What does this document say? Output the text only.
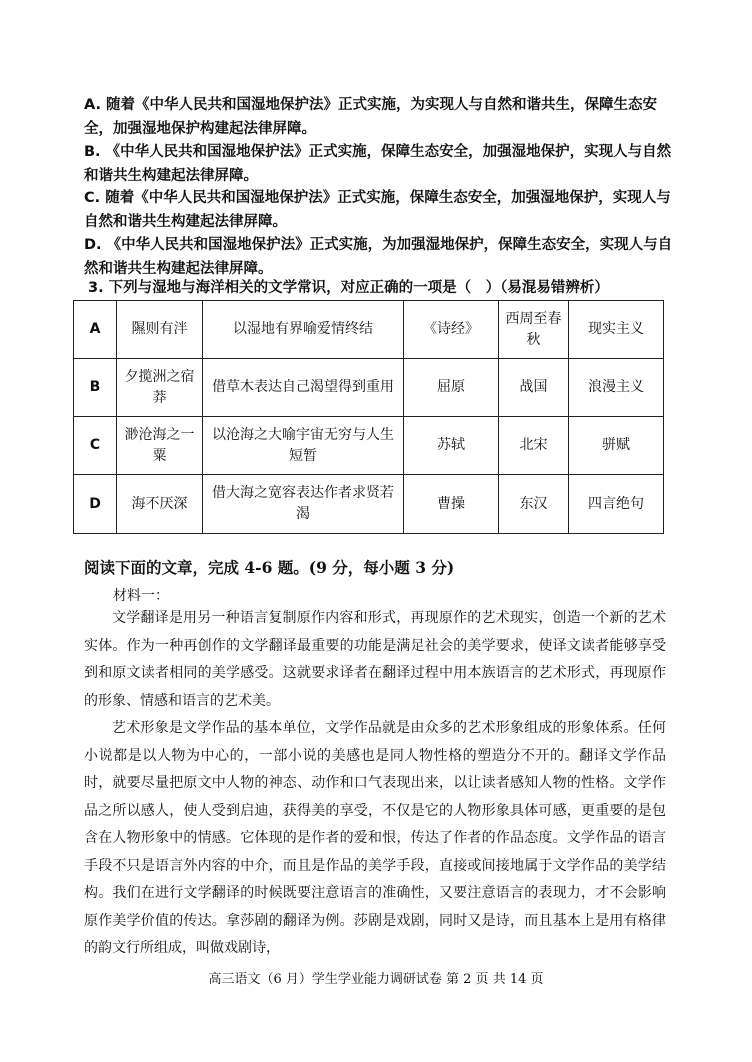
A. 随着《中华人民共和国湿地保护法》正式实施，为实现人与自然和谐共生，保障生态安全，加强湿地保护构建起法律屏障。
B. 《中华人民共和国湿地保护法》正式实施，保障生态安全，加强湿地保护，实现人与自然和谐共生构建起法律屏障。
C. 随着《中华人民共和国湿地保护法》正式实施，保障生态安全，加强湿地保护，实现人与自然和谐共生构建起法律屏障。
D. 《中华人民共和国湿地保护法》正式实施，为加强湿地保护，保障生态安全，实现人与自然和谐共生构建起法律屏障。
3. 下列与湿地与海洋相关的文学常识，对应正确的一项是（　）（易混易错辨析）
A	隰则有泮	以湿地有界喻爱情终结	《诗经》	西周至春秋	现实主义
B	夕揽洲之宿莽	借草木表达自己渴望得到重用	屈原	战国	浪漫主义
C	渺沧海之一粟	以沧海之大喻宇宙无穷与人生短暂	苏轼	北宋	骈赋
D	海不厌深	借大海之宽容表达作者求贤若渴	曹操	东汉	四言绝句
阅读下面的文章，完成 4-6 题。(9 分，每小题 3 分)
材料一：
文学翻译是用另一种语言复制原作内容和形式，再现原作的艺术现实，创造一个新的艺术实体。作为一种再创作的文学翻译最重要的功能是满足社会的美学要求，使译文读者能够享受到和原文读者相同的美学感受。这就要求译者在翻译过程中用本族语言的艺术形式，再现原作的形象、情感和语言的艺术美。
艺术形象是文学作品的基本单位，文学作品就是由众多的艺术形象组成的形象体系。任何小说都是以人物为中心的，一部小说的美感也是同人物性格的塑造分不开的。翻译文学作品时，就要尽量把原文中人物的神态、动作和口气表现出来，以让读者感知人物的性格。文学作品之所以感人，使人受到启迪，获得美的享受，不仅是它的人物形象具体可感，更重要的是包含在人物形象中的情感。它体现的是作者的爱和恨，传达了作者的作品态度。文学作品的语言手段不只是语言外内容的中介，而且是作品的美学手段，直接或间接地属于文学作品的美学结构。我们在进行文学翻译的时候既要注意语言的准确性，又要注意语言的表现力，才不会影响原作美学价值的传达。拿莎剧的翻译为例。莎剧是戏剧，同时又是诗，而且基本上是用有格律的韵文行所组成，叫做戏剧诗，
高三语文（6 月）学生学业能力调研试卷 第 2 页 共 14 页
